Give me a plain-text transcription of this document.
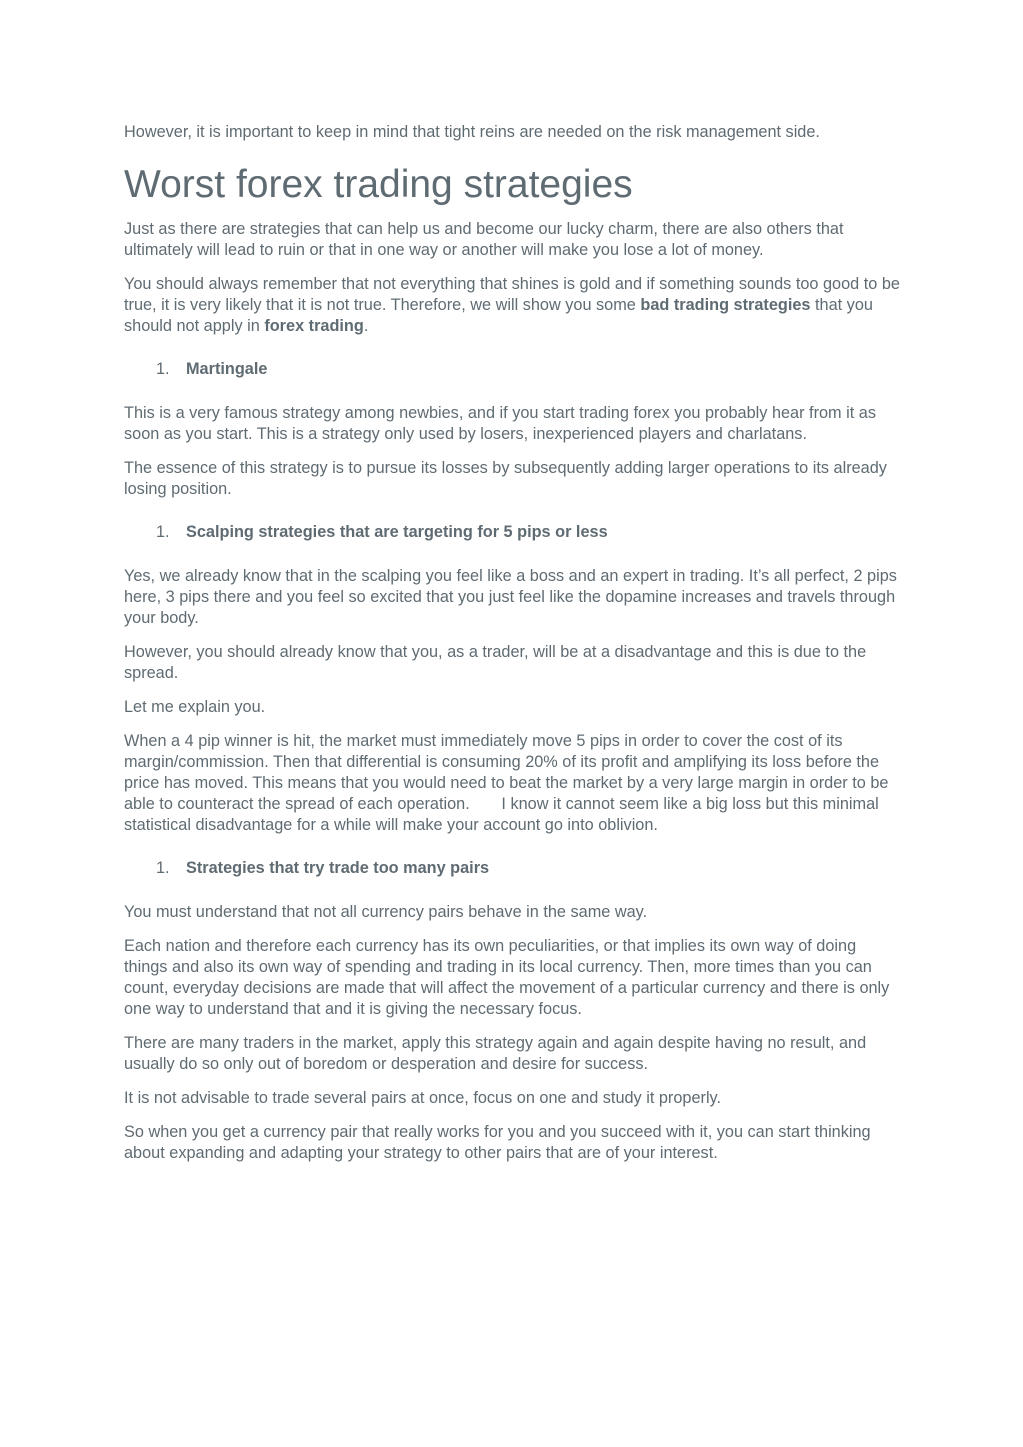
However, it is important to keep in mind that tight reins are needed on the risk management side.

Worst forex trading strategies

Just as there are strategies that can help us and become our lucky charm, there are also others that ultimately will lead to ruin or that in one way or another will make you lose a lot of money.

You should always remember that not everything that shines is gold and if something sounds too good to be true, it is very likely that it is not true. Therefore, we will show you some bad trading strategies that you should not apply in forex trading.

1.	Martingale

This is a very famous strategy among newbies, and if you start trading forex you probably hear from it as soon as you start. This is a strategy only used by losers, inexperienced players and charlatans.

The essence of this strategy is to pursue its losses by subsequently adding larger operations to its already losing position.

1.	Scalping strategies that are targeting for 5 pips or less

Yes, we already know that in the scalping you feel like a boss and an expert in trading. It’s all perfect, 2 pips here, 3 pips there and you feel so excited that you just feel like the dopamine increases and travels through your body.

However, you should already know that you, as a trader, will be at a disadvantage and this is due to the spread.

Let me explain you.

When a 4 pip winner is hit, the market must immediately move 5 pips in order to cover the cost of its margin/commission. Then that differential is consuming 20% of its profit and amplifying its loss before the price has moved. This means that you would need to beat the market by a very large margin in order to be able to counteract the spread of each operation.       I know it cannot seem like a big loss but this minimal statistical disadvantage for a while will make your account go into oblivion.

1.	Strategies that try trade too many pairs

You must understand that not all currency pairs behave in the same way.

Each nation and therefore each currency has its own peculiarities, or that implies its own way of doing things and also its own way of spending and trading in its local currency. Then, more times than you can count, everyday decisions are made that will affect the movement of a particular currency and there is only one way to understand that and it is giving the necessary focus.

There are many traders in the market, apply this strategy again and again despite having no result, and usually do so only out of boredom or desperation and desire for success.

It is not advisable to trade several pairs at once, focus on one and study it properly.

So when you get a currency pair that really works for you and you succeed with it, you can start thinking about expanding and adapting your strategy to other pairs that are of your interest.
